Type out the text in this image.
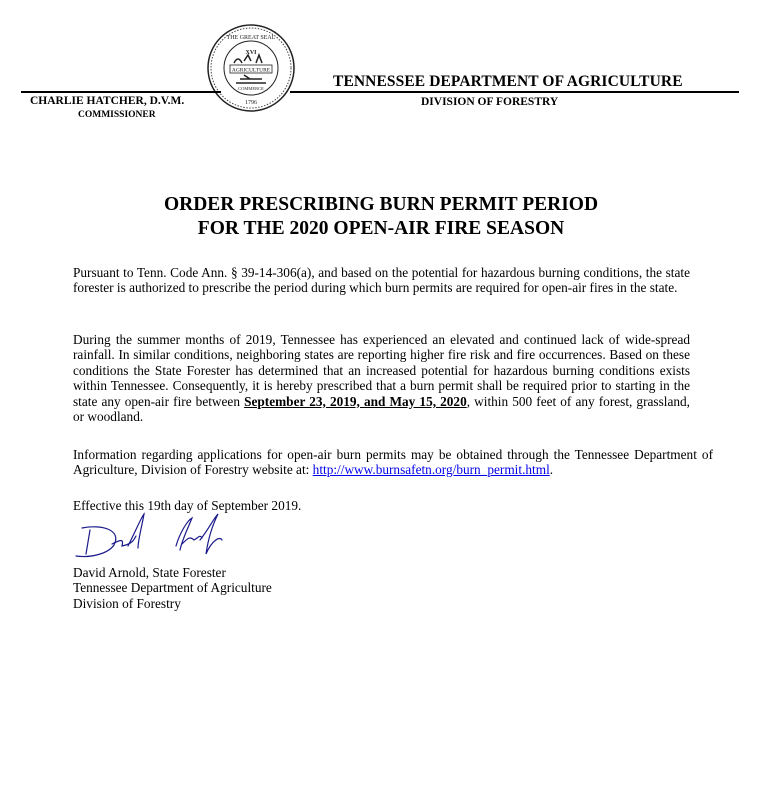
THE GREAT SEAL
XVI
AGRICULTURE
COMMERCE
1796
TENNESSEE DEPARTMENT OF AGRICULTURE
DIVISION OF FORESTRY
CHARLIE HATCHER, D.V.M.
COMMISSIONER
ORDER PRESCRIBING BURN PERMIT PERIOD
FOR THE 2020 OPEN-AIR FIRE SEASON
Pursuant to Tenn. Code Ann. § 39-14-306(a), and based on the potential for hazardous burning conditions, the state forester is authorized to prescribe the period during which burn permits are required for open-air fires in the state.
During the summer months of 2019, Tennessee has experienced an elevated and continued lack of wide-spread rainfall. In similar conditions, neighboring states are reporting higher fire risk and fire occurrences. Based on these conditions the State Forester has determined that an increased potential for hazardous burning conditions exists within Tennessee. Consequently, it is hereby prescribed that a burn permit shall be required prior to starting in the state any open-air fire between September 23, 2019, and May 15, 2020, within 500 feet of any forest, grassland, or woodland.
Information regarding applications for open-air burn permits may be obtained through the Tennessee Department of Agriculture, Division of Forestry website at: http://www.burnsafetn.org/burn_permit.html.
Effective this 19th day of September 2019.
David Arnold, State Forester
Tennessee Department of Agriculture
Division of Forestry
